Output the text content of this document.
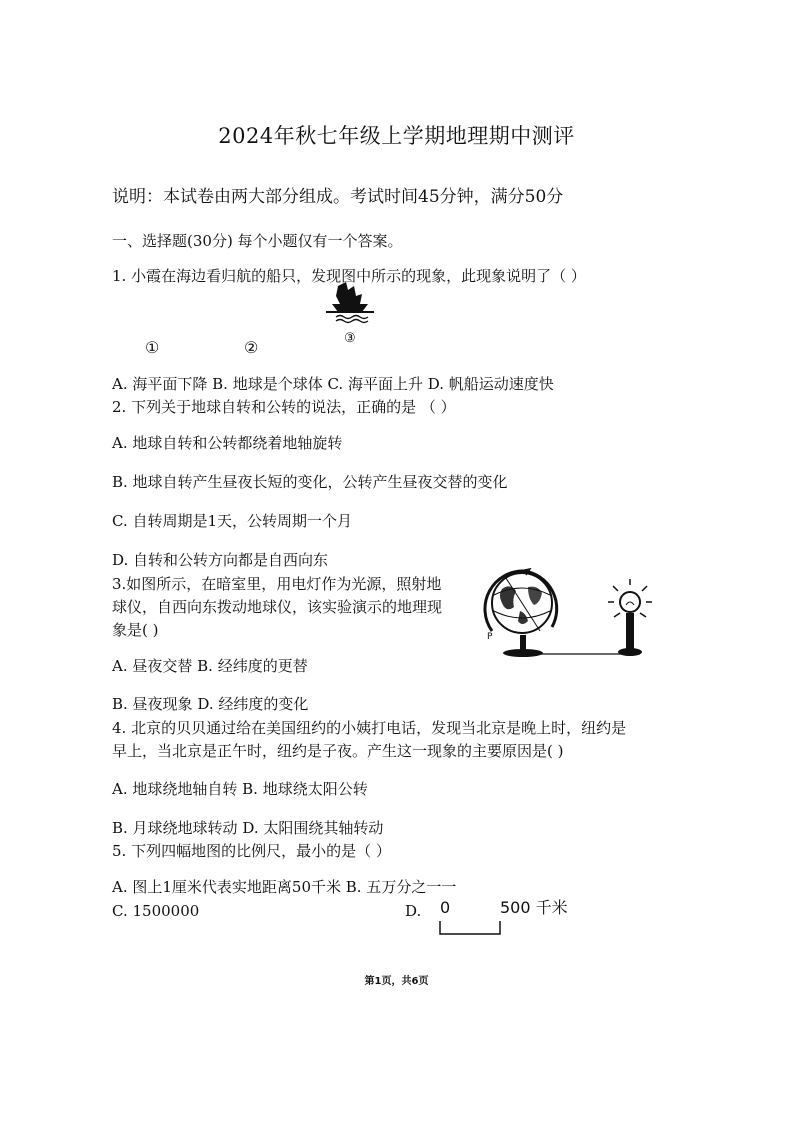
2024年秋七年级上学期地理期中测评
说明：本试卷由两大部分组成。考试时间45分钟，满分50分
一、选择题(30分) 每个小题仅有一个答案。
1. 小霞在海边看归航的船只，发现图中所示的现象，此现象说明了（ ）
③
①	②
A. 海平面下降 B. 地球是个球体 C. 海平面上升 D. 帆船运动速度快
2. 下列关于地球自转和公转的说法，正确的是 （ ）
A. 地球自转和公转都绕着地轴旋转
B. 地球自转产生昼夜长短的变化，公转产生昼夜交替的变化
C. 自转周期是1天，公转周期一个月
D. 自转和公转方向都是自西向东
3.如图所示，在暗室里，用电灯作为光源，照射地
球仪，自西向东拨动地球仪，该实验演示的地理现
象是( )	P
A. 昼夜交替 B. 经纬度的更替
B. 昼夜现象 D. 经纬度的变化
4. 北京的贝贝通过给在美国纽约的小姨打电话，发现当北京是晚上时，纽约是
早上，当北京是正午时，纽约是子夜。产生这一现象的主要原因是( )
A. 地球绕地轴自转 B. 地球绕太阳公转
B. 月球绕地球转动 D. 太阳围绕其轴转动
5. 下列四幅地图的比例尺，最小的是（ ）
A. 图上1厘米代表实地距离50千米 B. 五万分之一一
C. 1500000	D. 0	500 千米
第1页，共6页
